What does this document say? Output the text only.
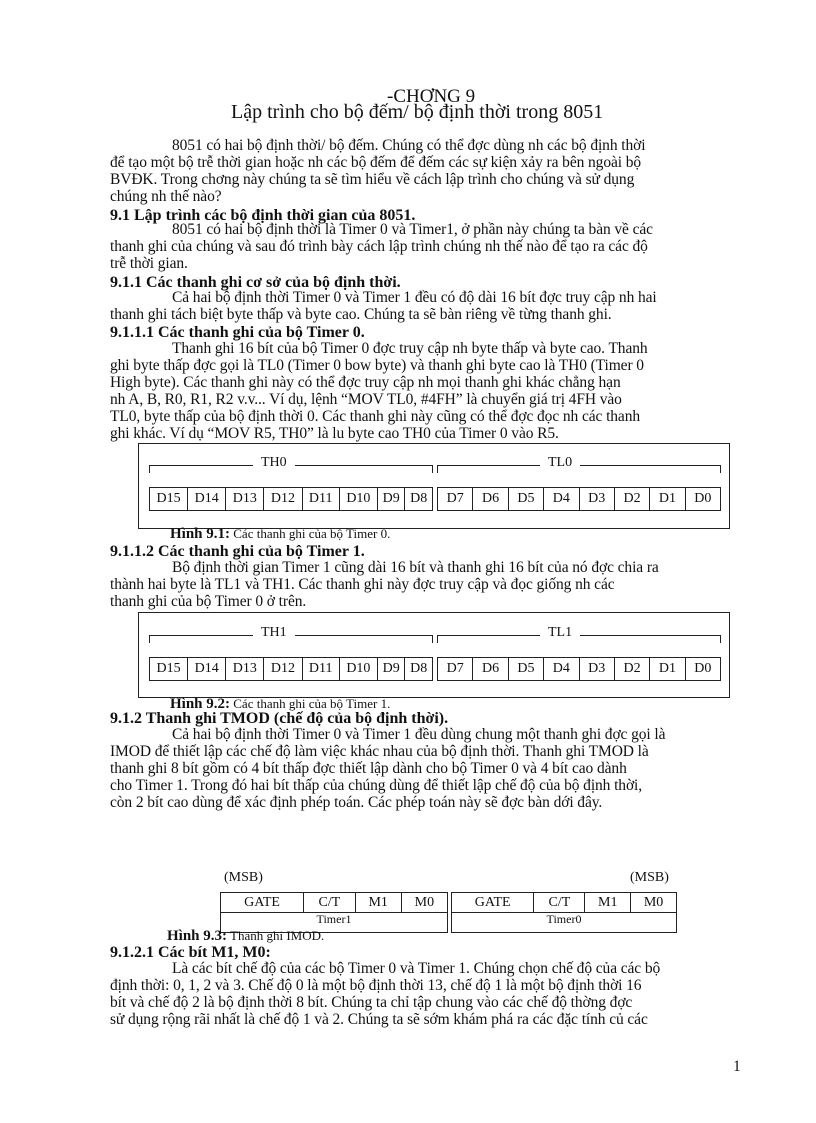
-CHƠNG 9
Lập trình cho bộ đếm/ bộ định thời trong 8051
8051 có hai bộ định thời/ bộ đếm. Chúng có thể đợc dùng nh các bộ định thời
để tạo một bộ trễ thời gian hoặc nh các bộ đếm để đếm các sự kiện xảy ra bên ngoài bộ
BVĐK. Trong chơng này chúng ta sẽ tìm hiểu về cách lập trình cho chúng và sử dụng
chúng nh thế nào?
9.1 Lập trình các bộ định thời gian của 8051.
8051 có hai bộ định thời là Timer 0 và Timer1, ở phần này chúng ta bàn về các
thanh ghi của chúng và sau đó trình bày cách lập trình chúng nh thế nào để tạo ra các độ
trễ thời gian.
9.1.1 Các thanh ghi cơ sở của bộ định thời.
Cả hai bộ định thời Timer 0 và Timer 1 đều có độ dài 16 bít đợc truy cập nh hai
thanh ghi tách biệt byte thấp và byte cao. Chúng ta sẽ bàn riêng về từng thanh ghi.
9.1.1.1 Các thanh ghi của bộ Timer 0.
Thanh ghi 16 bít của bộ Timer 0 đợc truy cập nh byte thấp và byte cao. Thanh
ghi byte thấp đợc gọi là TL0 (Timer 0 bow byte) và thanh ghi byte cao là TH0 (Timer 0
High byte). Các thanh ghi này có thể đợc truy cập nh mọi thanh ghi khác chẳng hạn
nh A, B, R0, R1, R2 v.v... Ví dụ, lệnh “MOV TL0, #4FH” là chuyển giá trị 4FH vào
TL0, byte thấp của bộ định thời 0. Các thanh ghi này cũng có thể đợc đọc nh các thanh
ghi khác. Ví dụ “MOV R5, TH0” là lu byte cao TH0 của Timer 0 vào R5.
TH0	TL0
D15	D14	D13	D12	D11	D10	D9	D8 D7	D6	D5	D4	D3	D2	D1	D0
Hình 9.1: Các thanh ghi của bộ Timer 0.
9.1.1.2 Các thanh ghi của bộ Timer 1.
Bộ định thời gian Timer 1 cũng dài 16 bít và thanh ghi 16 bít của nó đợc chia ra
thành hai byte là TL1 và TH1. Các thanh ghi này đợc truy cập và đọc giống nh các
thanh ghi của bộ Timer 0 ở trên.
TH1	TL1
D15	D14	D13	D12	D11	D10	D9	D8 D7	D6	D5	D4	D3	D2	D1	D0
Hình 9.2: Các thanh ghi của bộ Timer 1.
9.1.2 Thanh ghi TMOD (chế độ của bộ định thời).
Cả hai bộ định thời Timer 0 và Timer 1 đều dùng chung một thanh ghi đợc gọi là
IMOD để thiết lập các chế độ làm việc khác nhau của bộ định thời. Thanh ghi TMOD là
thanh ghi 8 bít gồm có 4 bít thấp đợc thiết lập dành cho bộ Timer 0 và 4 bít cao dành
cho Timer 1. Trong đó hai bít thấp của chúng dùng để thiết lập chế độ của bộ định thời,
còn 2 bít cao dùng để xác định phép toán. Các phép toán này sẽ đợc bàn dới đây.
(MSB)	(MSB)
GATE	C/T	M1	M0	GATE	C/T	M1	M0
Timer1	Timer0
Hình 9.3: Thanh ghi IMOD.
9.1.2.1 Các bít M1, M0:
Là các bít chế độ của các bộ Timer 0 và Timer 1. Chúng chọn chế độ của các bộ
định thời: 0, 1, 2 và 3. Chế độ 0 là một bộ định thời 13, chế độ 1 là một bộ định thời 16
bít và chế độ 2 là bộ định thời 8 bít. Chúng ta chỉ tập chung vào các chế độ thờng đợc
sử dụng rộng rãi nhất là chế độ 1 và 2. Chúng ta sẽ sớm khám phá ra các đặc tính củ các
1
